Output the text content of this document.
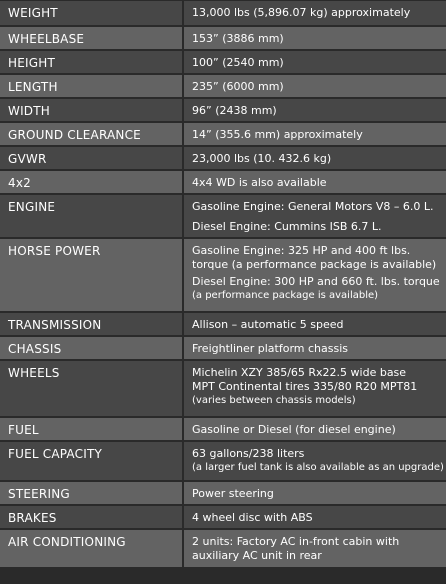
WEIGHT	13,000 lbs (5,896.07 kg) approximately
WHEELBASE	153” (3886 mm)
HEIGHT	100” (2540 mm)
LENGTH	235” (6000 mm)
WIDTH	96” (2438 mm)
GROUND CLEARANCE	14” (355.6 mm) approximately
GVWR	23,000 lbs (10. 432.6 kg)
4x2	4x4 WD is also available
ENGINE	Gasoline Engine: General Motors V8 – 6.0 L.
Diesel Engine: Cummins ISB 6.7 L.
HORSE POWER	Gasoline Engine: 325 HP and 400 ft lbs.
torque (a performance package is available)
Diesel Engine: 300 HP and 660 ft. lbs. torque
(a performance package is available)
TRANSMISSION	Allison – automatic 5 speed
CHASSIS	Freightliner platform chassis
WHEELS	Michelin XZY 385/65 Rx22.5 wide base
MPT Continental tires 335/80 R20 MPT81
(varies between chassis models)
FUEL	Gasoline or Diesel (for diesel engine)
FUEL CAPACITY	63 gallons/238 liters
(a larger fuel tank is also available as an upgrade)
STEERING	Power steering
BRAKES	4 wheel disc with ABS
AIR CONDITIONING	2 units: Factory AC in-front cabin with
auxiliary AC unit in rear
